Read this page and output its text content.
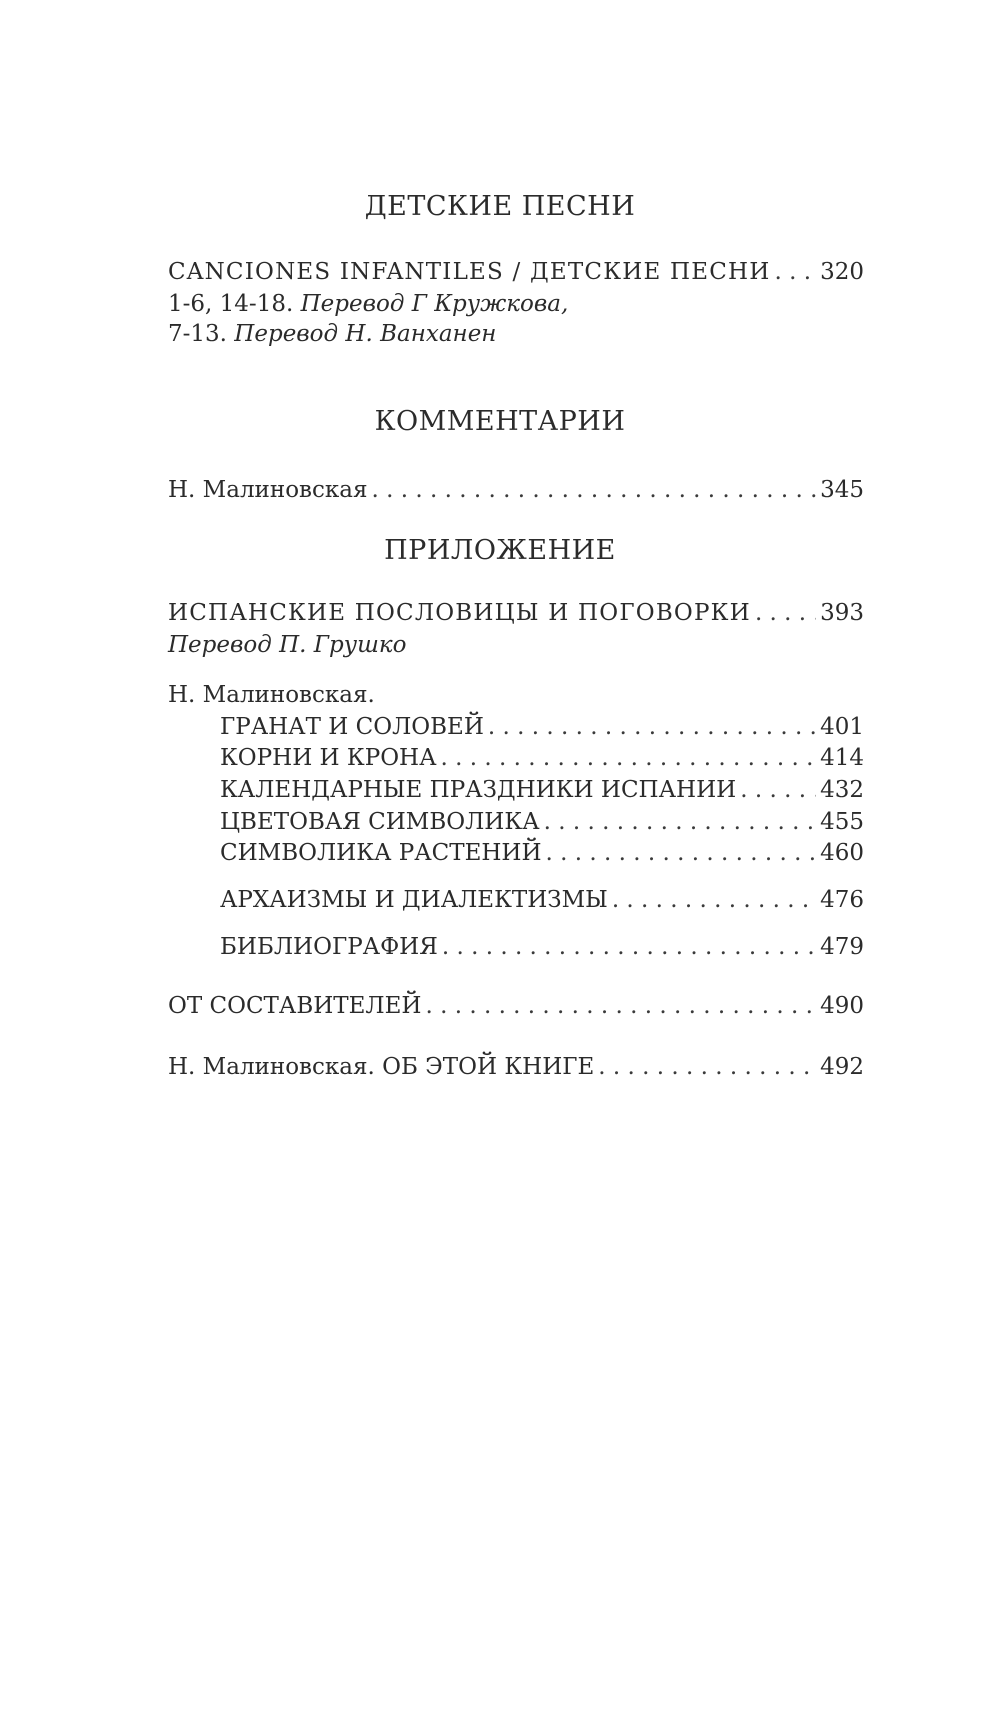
ДЕТСКИЕ ПЕСНИ
CANCIONES INFANTILES / ДЕТСКИЕ ПЕСНИ . . . 320
1-6, 14-18. Перевод Г Кружкова,
7-13. Перевод Н. Ванханен
КОММЕНТАРИИ
Н. Малиновская . . .	345
ПРИЛОЖЕНИЕ
ИСПАНСКИЕ ПОСЛОВИЦЫ И ПОГОВОРКИ . . .	393
Перевод П. Грушко
Н. Малиновская.
ГРАНАТ И СОЛОВЕЙ . . .	401
КОРНИ И КРОНА . . .	414
КАЛЕНДАРНЫЕ ПРАЗДНИКИ ИСПАНИИ . . .	432
ЦВЕТОВАЯ СИМВОЛИКА . . .	455
СИМВОЛИКА РАСТЕНИЙ . . .	460
АРХАИЗМЫ И ДИАЛЕКТИЗМЫ . . .	476
БИБЛИОГРАФИЯ . . .	479
ОТ СОСТАВИТЕЛЕЙ . . .	490
Н. Малиновская. ОБ ЭТОЙ КНИГЕ . . .	492
